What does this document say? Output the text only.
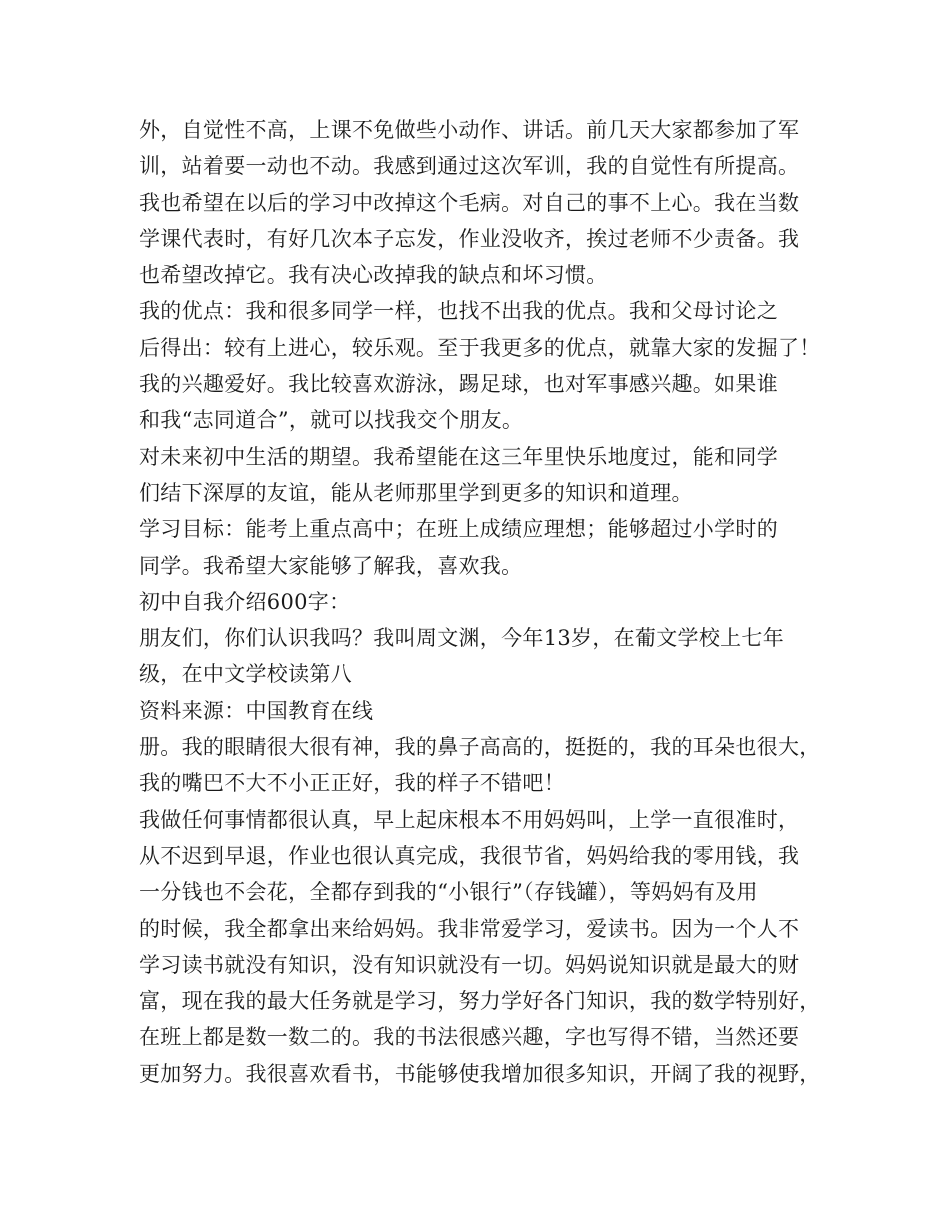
外，自觉性不高，上课不免做些小动作、讲话。前几天大家都参加了军
训，站着要一动也不动。我感到通过这次军训，我的自觉性有所提高。
我也希望在以后的学习中改掉这个毛病。对自己的事不上心。我在当数
学课代表时，有好几次本子忘发，作业没收齐，挨过老师不少责备。我
也希望改掉它。我有决心改掉我的缺点和坏习惯。
我的优点：我和很多同学一样，也找不出我的优点。我和父母讨论之
后得出：较有上进心，较乐观。至于我更多的优点，就靠大家的发掘了！
我的兴趣爱好。我比较喜欢游泳，踢足球，也对军事感兴趣。如果谁
和我“志同道合”，就可以找我交个朋友。
对未来初中生活的期望。我希望能在这三年里快乐地度过，能和同学
们结下深厚的友谊，能从老师那里学到更多的知识和道理。
学习目标：能考上重点高中；在班上成绩应理想；能够超过小学时的
同学。我希望大家能够了解我，喜欢我。
初中自我介绍600字：
朋友们，你们认识我吗？我叫周文渊，今年13岁，在葡文学校上七年
级，在中文学校读第八
资料来源：中国教育在线
册。我的眼睛很大很有神，我的鼻子高高的，挺挺的，我的耳朵也很大，
我的嘴巴不大不小正正好，我的样子不错吧！
我做任何事情都很认真，早上起床根本不用妈妈叫，上学一直很准时，
从不迟到早退，作业也很认真完成，我很节省，妈妈给我的零用钱，我
一分钱也不会花，全都存到我的“小银行”（存钱罐），等妈妈有及用
的时候，我全都拿出来给妈妈。我非常爱学习，爱读书。因为一个人不
学习读书就没有知识，没有知识就没有一切。妈妈说知识就是最大的财
富，现在我的最大任务就是学习，努力学好各门知识，我的数学特别好，
在班上都是数一数二的。我的书法很感兴趣，字也写得不错，当然还要
更加努力。我很喜欢看书，书能够使我增加很多知识，开阔了我的视野，
